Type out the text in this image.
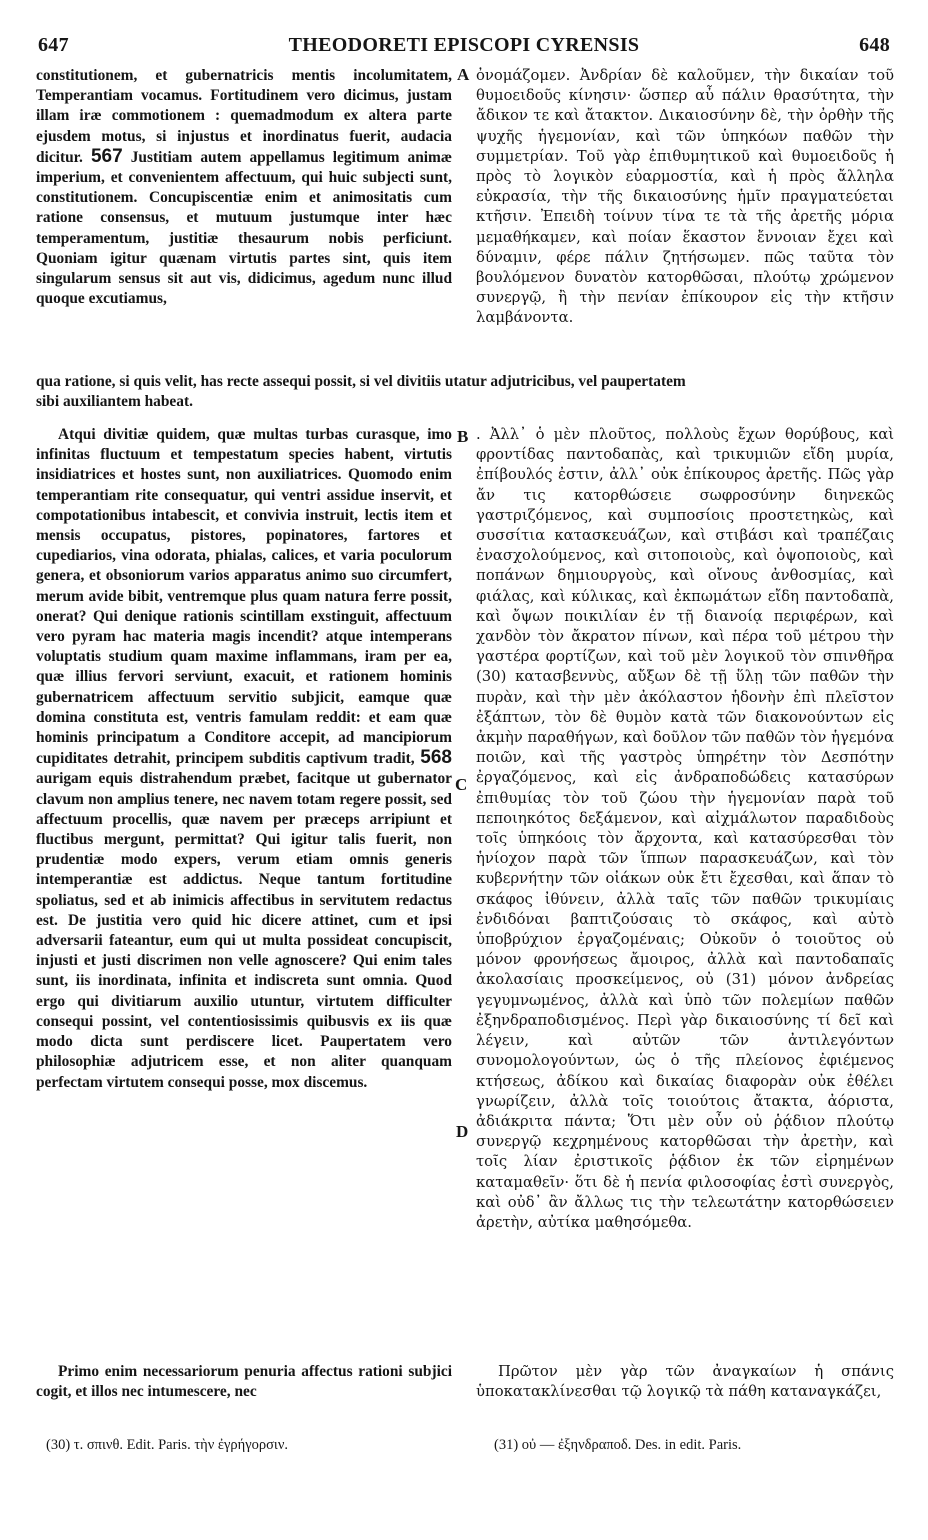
647	THEODORETI EPISCOPI CYRENSIS	648
A
B
C
D

constitutionem, et gubernatricis mentis incolumitatem, Temperantiam vocamus. Fortitudinem vero dicimus, justam illam iræ commotionem : quemadmodum ex altera parte ejusdem motus, si injustus et inordinatus fuerit, audacia dicitur. 567 Justitiam autem appellamus legitimum animæ imperium, et convenientem affectuum, qui huic subjecti sunt, constitutionem. Concupiscentiæ enim et animositatis cum ratione consensus, et mutuum justumque inter hæc temperamentum, justitiæ thesaurum nobis perficiunt. Quoniam igitur quænam virtutis partes sint, quis item singularum sensus sit aut vis, didicimus, agedum nunc illud quoque excutiamus,

ὀνομάζομεν. Ἀνδρίαν δὲ καλοῦμεν, τὴν δικαίαν τοῦ θυμοειδοῦς κίνησιν· ὥσπερ αὖ πάλιν θρασύτητα, τὴν ἄδικον τε καὶ ἄτακτον. Δικαιοσύνην δὲ, τὴν ὀρθὴν τῆς ψυχῆς ἡγεμονίαν, καὶ τῶν ὑπηκόων παθῶν τὴν συμμετρίαν. Τοῦ γὰρ ἐπιθυμητικοῦ καὶ θυμοειδοῦς ἡ πρὸς τὸ λογικὸν εὐαρμοστία, καὶ ἡ πρὸς ἄλληλα εὐκρασία, τὴν τῆς δικαιοσύνης ἡμῖν πραγματεύεται κτῆσιν. Ἐπειδὴ τοίνυν τίνα τε τὰ τῆς ἀρετῆς μόρια μεμαθήκαμεν, καὶ ποίαν ἕκαστον ἔννοιαν ἔχει καὶ δύναμιν, φέρε πάλιν ζητήσωμεν. πῶς ταῦτα τὸν βουλόμενον δυνατὸν κατορθῶσαι, πλούτῳ χρώμενον συνεργῷ, ἢ τὴν πενίαν ἐπίκουρον εἰς τὴν κτῆσιν λαμβάνοντα.

qua ratione, si quis velit, has recte assequi possit, si vel divitiis utatur adjutricibus, vel paupertatem

sibi auxiliantem habeat.

Atqui divitiæ quidem, quæ multas turbas curasque, imo infinitas fluctuum et tempestatum species habent, virtutis insidiatrices et hostes sunt, non auxiliatrices. Quomodo enim temperantiam rite consequatur, qui ventri assidue inservit, et compotationibus intabescit, et convivia instruit, lectis item et mensis occupatus, pistores, popinatores, fartores et cupediarios, vina odorata, phialas, calices, et varia poculorum genera, et obsoniorum varios apparatus animo suo circumfert, merum avide bibit, ventremque plus quam natura ferre possit, onerat? Qui denique rationis scintillam exstinguit, affectuum vero pyram hac materia magis incendit? atque intemperans voluptatis studium quam maxime inflammans, iram per ea, quæ illius fervori serviunt, exacuit, et rationem hominis gubernatricem affectuum servitio subjicit, eamque quæ domina constituta est, ventris famulam reddit: et eam quæ hominis principatum a Conditore accepit, ad mancipiorum cupiditates detrahit, principem subditis captivum tradit, 568 aurigam equis distrahendum præbet, facitque ut gubernator clavum non amplius tenere, nec navem totam regere possit, sed affectuum procellis, quæ navem per præceps arripiunt et fluctibus mergunt, permittat? Qui igitur talis fuerit, non prudentiæ modo expers, verum etiam omnis generis intemperantiæ est addictus. Neque tantum fortitudine spoliatus, sed et ab inimicis affectibus in servitutem redactus est. De justitia vero quid hic dicere attinet, cum et ipsi adversarii fateantur, eum qui ut multa possideat concupiscit, injusti et justi discrimen non velle agnoscere? Qui enim tales sunt, iis inordinata, infinita et indiscreta sunt omnia. Quod ergo qui divitiarum auxilio utuntur, virtutem difficulter consequi possint, vel contentiosissimis quibusvis ex iis quæ modo dicta sunt perdiscere licet. Paupertatem vero philosophiæ adjutricem esse, et non aliter quanquam perfectam virtutem consequi posse, mox discemus.

. Ἀλλ᾽ ὁ μὲν πλοῦτος, πολλοὺς ἔχων θορύβους, καὶ φροντίδας παντοδαπὰς, καὶ τρικυμιῶν εἴδη μυρία, ἐπίβουλός ἐστιν, ἀλλ᾽ οὐκ ἐπίκουρος ἀρετῆς. Πῶς γὰρ ἄν τις κατορθώσειε σωφροσύνην διηνεκῶς γαστριζόμενος, καὶ συμποσίοις προστετηκὼς, καὶ συσσίτια κατασκευάζων, καὶ στιβάσι καὶ τραπέζαις ἐνασχολούμενος, καὶ σιτοποιοὺς, καὶ ὀψοποιοὺς, καὶ ποπάνων δημιουργοὺς, καὶ οἴνους ἀνθοσμίας, καὶ φιάλας, καὶ κύλικας, καὶ ἐκπωμάτων εἴδη παντοδαπὰ, καὶ ὄψων ποικιλίαν ἐν τῇ διανοίᾳ περιφέρων, καὶ χανδὸν τὸν ἄκρατον πίνων, καὶ πέρα τοῦ μέτρου τὴν γαστέρα φορτίζων, καὶ τοῦ μὲν λογικοῦ τὸν σπινθῆρα (30) κατασβεννὺς, αὔξων δὲ τῇ ὕλῃ τῶν παθῶν τὴν πυρὰν, καὶ τὴν μὲν ἀκόλαστον ἡδονὴν ἐπὶ πλεῖστον ἐξάπτων, τὸν δὲ θυμὸν κατὰ τῶν διακονούντων εἰς ἀκμὴν παραθήγων, καὶ δοῦλον τῶν παθῶν τὸν ἡγεμόνα ποιῶν, καὶ τῆς γαστρὸς ὑπηρέτην τὸν Δεσπότην ἐργαζόμενος, καὶ εἰς ἀνδραποδώδεις κατασύρων ἐπιθυμίας τὸν τοῦ ζώου τὴν ἡγεμονίαν παρὰ τοῦ πεποιηκότος δεξάμενον, καὶ αἰχμάλωτον παραδιδοὺς τοῖς ὑπηκόοις τὸν ἄρχοντα, καὶ κατασύρεσθαι τὸν ἡνίοχον παρὰ τῶν ἵππων παρασκευάζων, καὶ τὸν κυβερνήτην τῶν οἰάκων οὐκ ἔτι ἔχεσθαι, καὶ ἅπαν τὸ σκάφος ἰθύνειν, ἀλλὰ ταῖς τῶν παθῶν τρικυμίαις ἐνδιδόναι βαπτιζούσαις τὸ σκάφος, καὶ αὐτὸ ὑποβρύχιον ἐργαζομέναις; Οὐκοῦν ὁ τοιοῦτος οὐ μόνον φρονήσεως ἄμοιρος, ἀλλὰ καὶ παντοδαπαῖς ἀκολασίαις προσκείμενος, οὐ (31) μόνον ἀνδρείας γεγυμνωμένος, ἀλλὰ καὶ ὑπὸ τῶν πολεμίων παθῶν ἐξηνδραποδισμένος. Περὶ γὰρ δικαιοσύνης τί δεῖ καὶ λέγειν, καὶ αὐτῶν τῶν ἀντιλεγόντων συνομολογούντων, ὡς ὁ τῆς πλείονος ἐφιέμενος κτήσεως, ἀδίκου καὶ δικαίας διαφορὰν οὐκ ἐθέλει γνωρίζειν, ἀλλὰ τοῖς τοιούτοις ἄτακτα, ἀόριστα, ἀδιάκριτα πάντα; Ὅτι μὲν οὖν οὐ ῥᾴδιον πλούτῳ συνεργῷ κεχρημένους κατορθῶσαι τὴν ἀρετὴν, καὶ τοῖς λίαν ἐριστικοῖς ῥᾴδιον ἐκ τῶν εἰρημένων καταμαθεῖν· ὅτι δὲ ἡ πενία φιλοσοφίας ἐστὶ συνεργὸς, καὶ οὐδ᾽ ἂν ἄλλως τις τὴν τελεωτάτην κατορθώσειεν ἀρετὴν, αὐτίκα μαθησόμεθα.

Primo enim necessariorum penuria affectus rationi subjici cogit, et illos nec intumescere, nec

Πρῶτον μὲν γὰρ τῶν ἀναγκαίων ἡ σπάνις ὑποκατακλίνεσθαι τῷ λογικῷ τὰ πάθη καταναγκάζει,

(30) τ. σπινθ. Edit. Paris. τὴν ἐγρήγορσιν.	(31) οὐ — ἐξηνδραποδ. Des. in edit. Paris.
